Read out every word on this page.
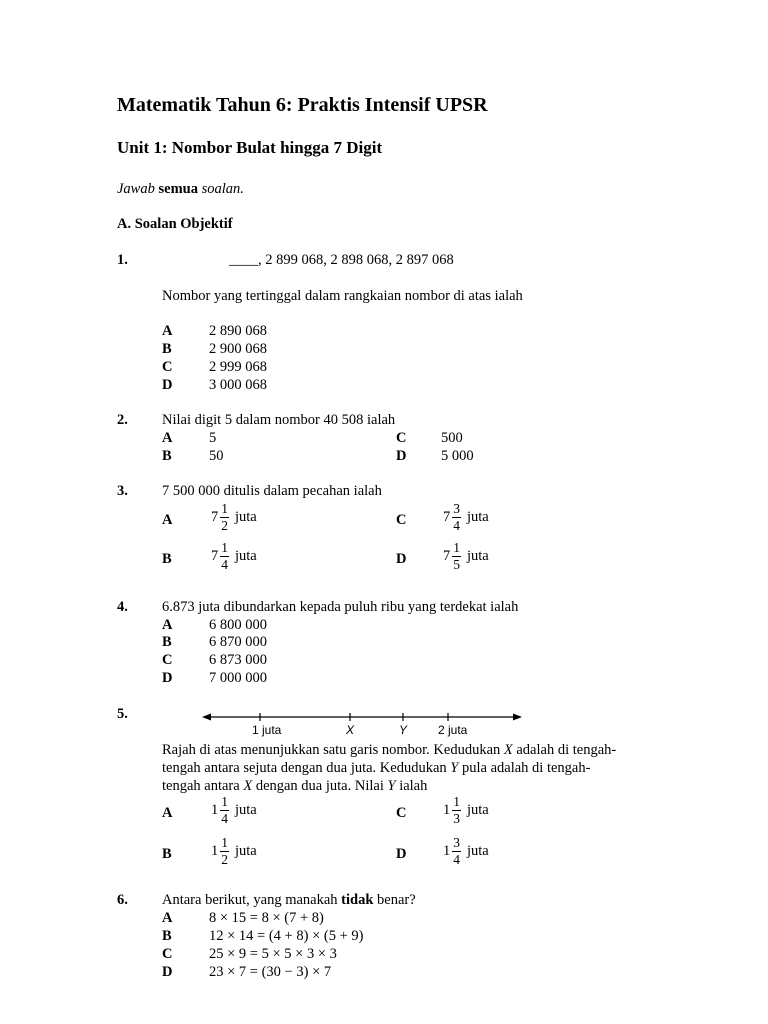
Matematik Tahun 6: Praktis Intensif UPSR
Unit 1: Nombor Bulat hingga 7 Digit
Jawab semua soalan.
A. Soalan Objektif
1.	____, 2 899 068, 2 898 068, 2 897 068
Nombor yang tertinggal dalam rangkaian nombor di atas ialah
A	2 890 068
B	2 900 068
C	2 999 068
D	3 000 068
2. Nilai digit 5 dalam nombor 40 508 ialah
A	5
B	50
C 500
D 5 000
3. 7 500 000 ditulis dalam pecahan ialah
A	$7 \frac{1}{2}$ juta	C	$7 \frac{3}{4}$ juta
B	$7 \frac{1}{4}$ juta	D	$7 \frac{1}{5}$ juta
4. 6.873 juta dibundarkan kepada puluh ribu yang terdekat ialah
A	6 800 000
B	6 870 000
C	6 873 000
D	7 000 000
5.
1 juta	X	Y	2 juta
Rajah di atas menunjukkan satu garis nombor. Kedudukan X adalah di tengah-
tengah antara sejuta dengan dua juta. Kedudukan Y pula adalah di tengah-
tengah antara X dengan dua juta. Nilai Y ialah
A	$1 \frac{1}{4}$ juta	C	$1 \frac{1}{3}$ juta
B	$1 \frac{1}{2}$ juta	D	$1 \frac{3}{4}$ juta
6. Antara berikut, yang manakah tidak benar?
A	8 × 15 = 8 × (7 + 8)
B	12 × 14 = (4 + 8) × (5 + 9)
C	25 × 9 = 5 × 5 × 3 × 3
D	23 × 7 = (30 − 3) × 7
